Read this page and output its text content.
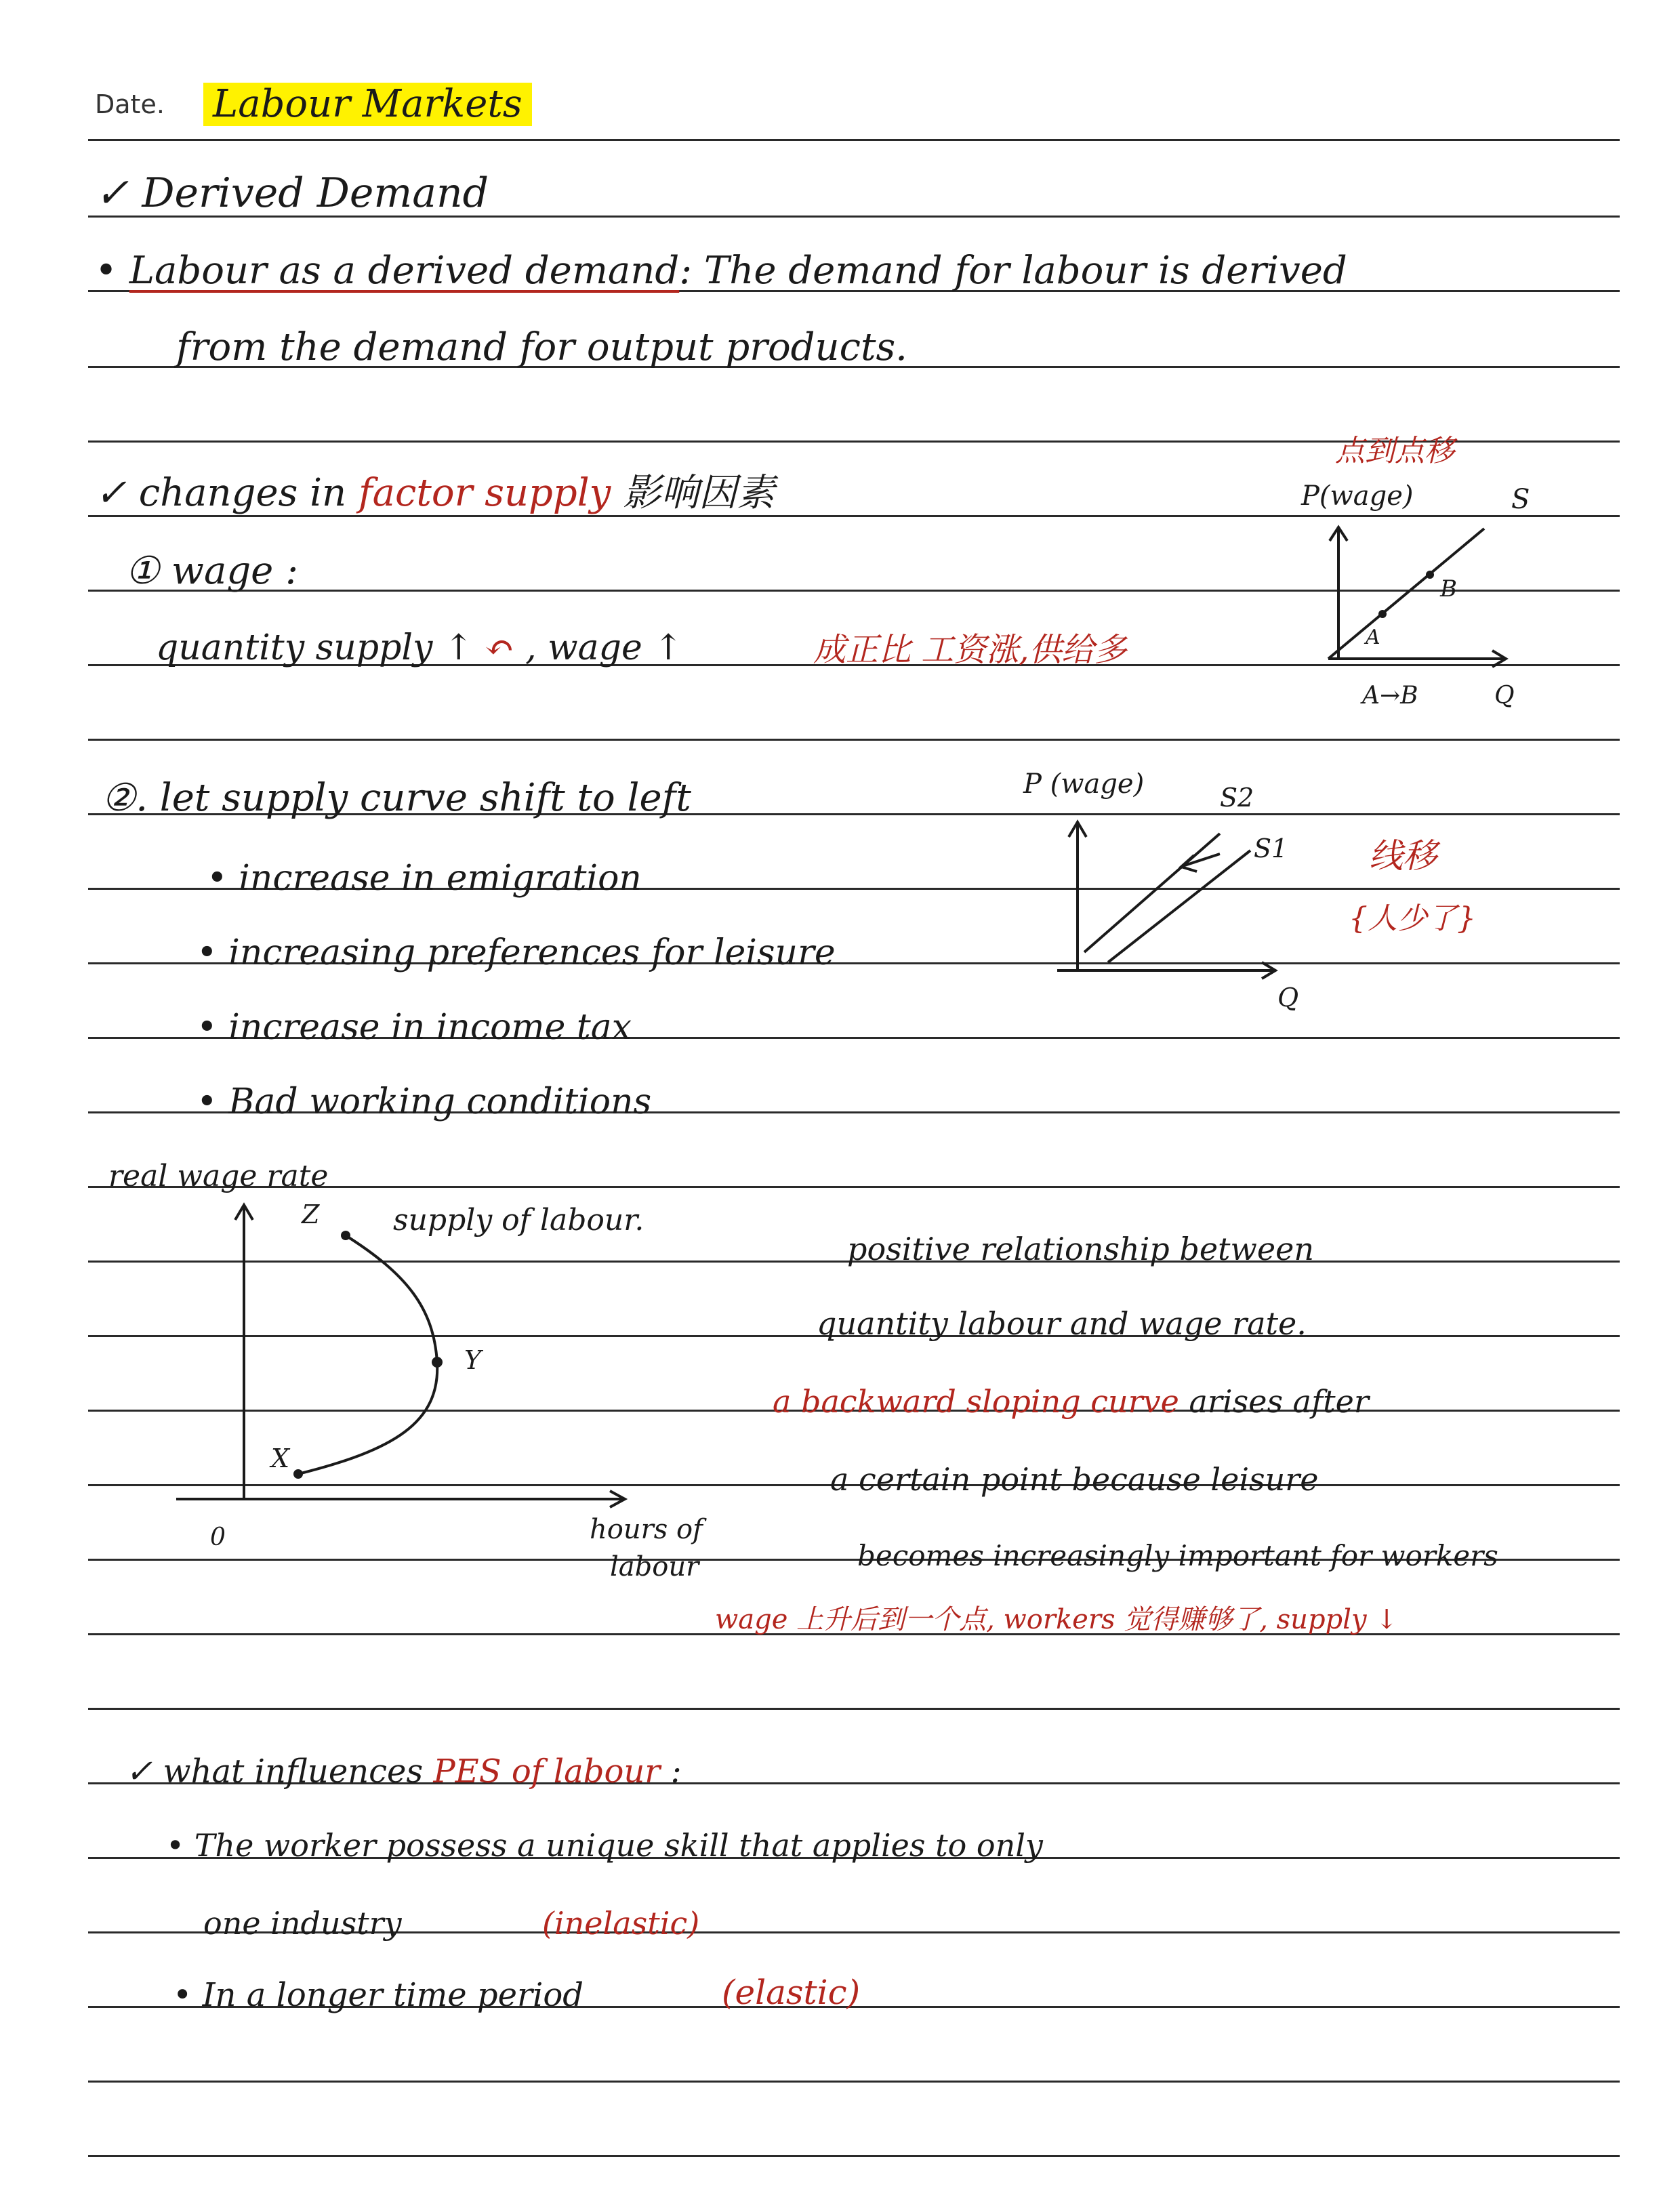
Date. Labour Markets
✓ Derived Demand
• Labour as a derived demand: The demand for labour is derived
from the demand for output products.
✓ changes in factor supply 影响因素
① wage :
quantity supply ↑ ↶ , wage ↑	成正比 工资涨,供给多
②. let supply curve shift to left
• increase in emigration
• increasing preferences for leisure
• increase in income tax
• Bad working conditions
点到点移
P(wage)	S
A
B
A→B	Q
P (wage)	S2
S1
Q
线移
{人少了}
real wage rate
supply of labour.
Z
Y
X
0	hours of
labour
positive relationship between
quantity labour and wage rate.
a backward sloping curve arises after
a certain point because leisure
becomes increasingly important for workers
wage 上升后到一个点, workers 觉得赚够了, supply ↓
✓ what influences PES of labour :
• The worker possess a unique skill that applies to only
one industry	(inelastic)
• In a longer time period	(elastic)
